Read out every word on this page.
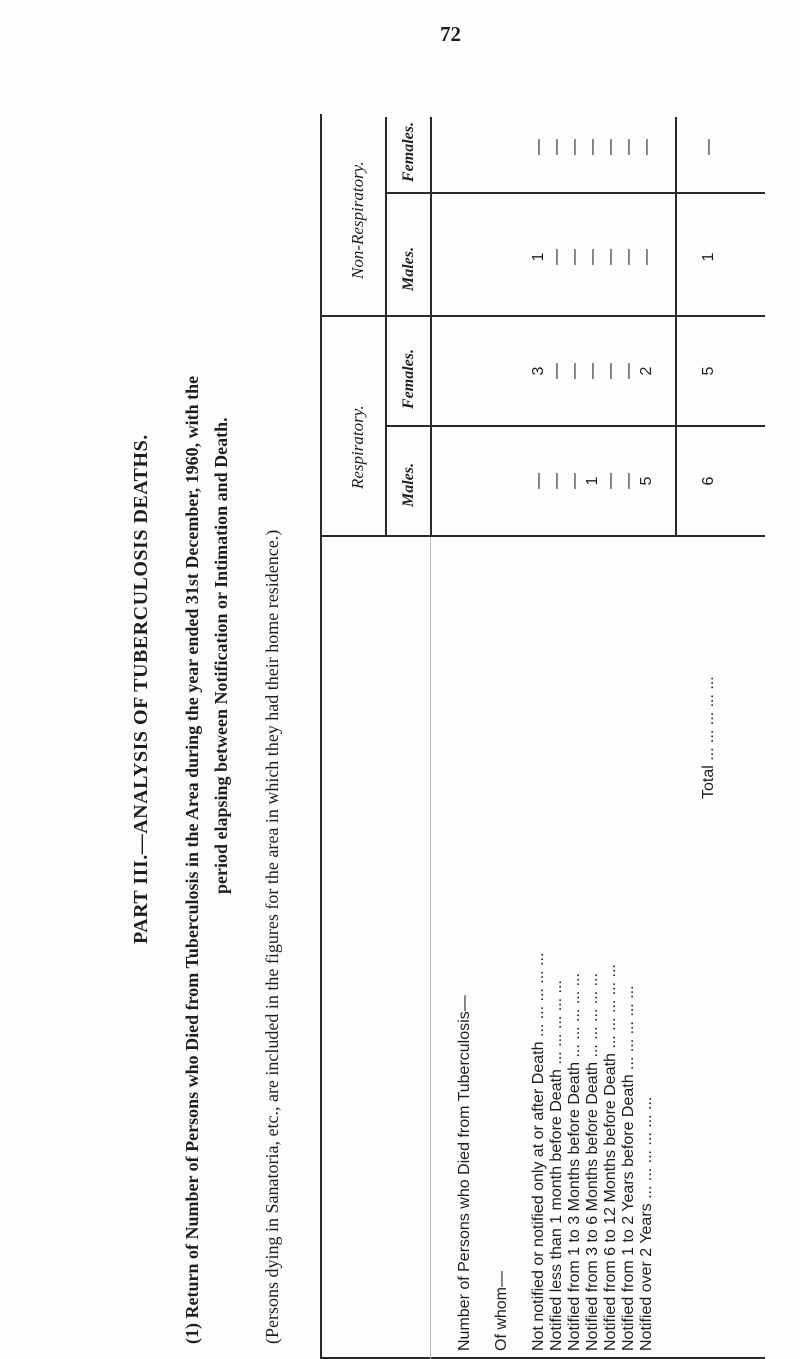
72
PART III.—ANALYSIS OF TUBERCULOSIS DEATHS. (1) Return of Number of Persons who Died from Tuberculosis in the Area during the year ended 31st December, 1960, with the period elapsing between Notification or Intimation and Death. (Persons dying in Sanatoria, etc., are included in the figures for the area in which they had their home residence.)
Respiratory.
Non-Respiratory.
Males.
Females.
Males.
Females.
Number of Persons who Died from Tuberculosis— Of whom— Not notified or notified only at or after Death ... ... ... ... ...
—
3
1
—
Notified less than 1 month before Death ... ... ... ... ...
—
—
—
—
Notified from 1 to 3 Months before Death ... ... ... ... ...
—
—
—
—
Notified from 3 to 6 Months before Death ... ... ... ... ...
1
—
—
—
Notified from 6 to 12 Months before Death ... ... ... ... ...
—
—
—
—
Notified from 1 to 2 Years before Death ... ... ... ... ...
—
—
—
—
Notified over 2 Years ... ... ... ... ... ...
5
2
—
—
Total ... ... ... ... ...
6
5
1
—
